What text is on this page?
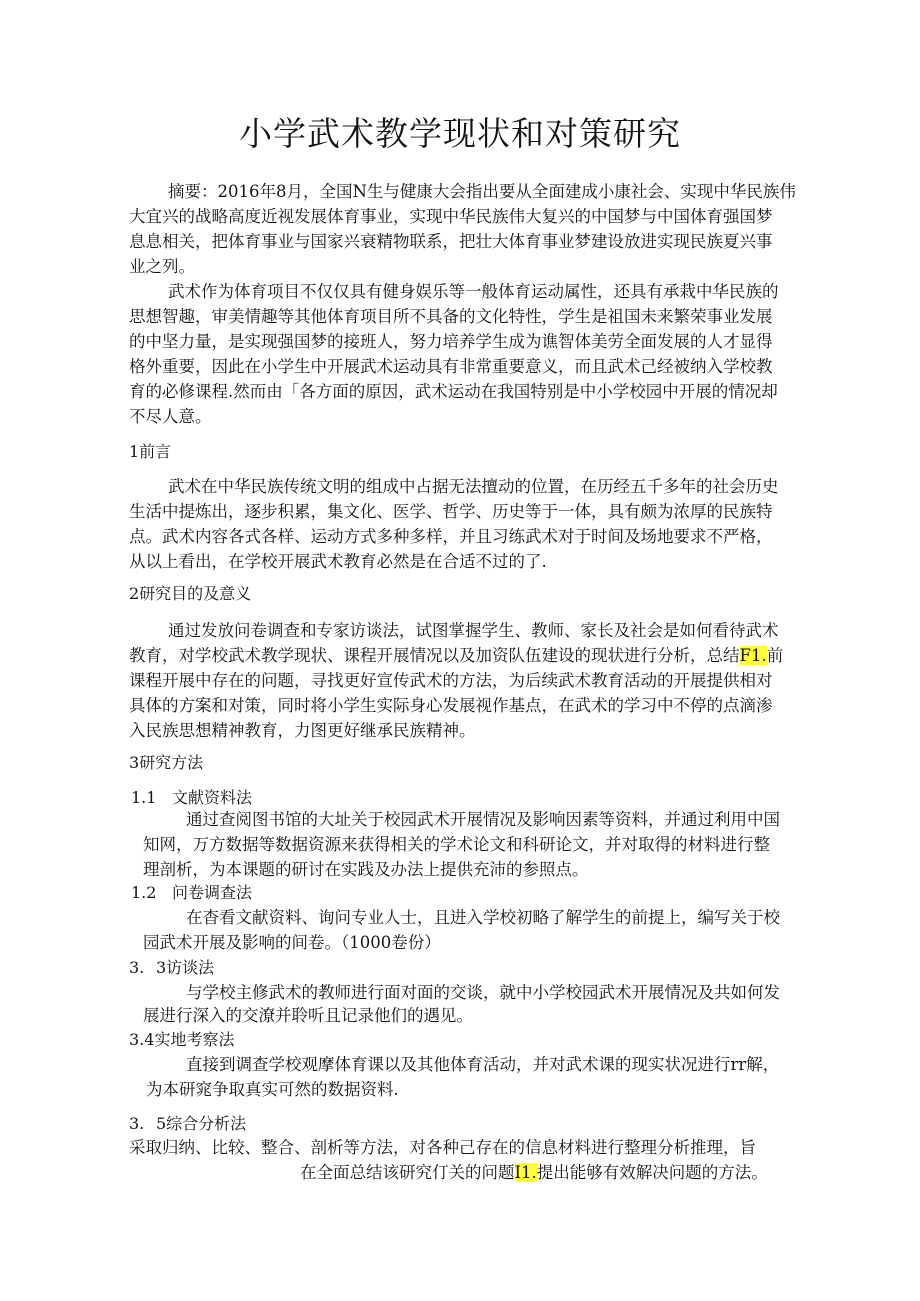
小学武术教学现状和对策研究

摘要：2016年8月，全国N生与健康大会指出要从全面建成小康社会、实现中华民族伟

大宜兴的战略高度近视发展体育事业，实现中华民族伟大复兴的中国梦与中国体育强国梦

息息相关，把体育事业与国家兴衰精物联系，把壮大体育事业梦建设放进实现民族夏兴事

业之列。

武术作为体育项目不仅仅具有健身娱乐等一般体育运动属性，还具有承栽中华民族的

思想智趣，审美情趣等其他体育项目所不具备的文化特性，学生是祖国未来繁荣事业发展

的中坚力量，是实现强国梦的接班人，努力培养学生成为谯智体美劳全面发展的人才显得

格外重要，因此在小学生中开展武术运动具有非常重要意义，而且武术己经被纳入学校教

育的必修课程.然而由「各方面的原因，武术运动在我国特别是中小学校园中开展的情况却

不尽人意。

1前言

武术在中华民族传统文明的组成中占据无法擅动的位置，在历经五千多年的社会历史

生活中提炼出，逐步积累，集文化、医学、哲学、历史等于一体，具有颇为浓厚的民族特

点。武术内容各式各样、运动方式多种多样，并且习练武术对于时间及场地要求不严格，

从以上看出，在学校开展武术教育必然是在合适不过的了.

2研究目的及意义

通过发放问卷调查和专家访谈法，试图掌握学生、教师、家长及社会是如何看待武术

教育，对学校武术教学现状、课程开展情况以及加资队伍建设的现状进行分析，总结F1.前

课程开展中存在的问题，寻找更好宣传武术的方法，为后续武术教育活动的开展提供相对

具体的方案和对策，同时将小学生实际身心发展视作基点，在武术的学习中不停的点滴渗

入民族思想精神教育，力图更好继承民族精神。

3研究方法

1.1 文献资料法

通过查阅图书馆的大址关于校园武术开展情况及影响因素等资料，并通过利用中国

知网，万方数据等数据资源来获得相关的学术论文和科研论文，并对取得的材料进行整

理剖析，为本课题的研讨在实践及办法上提供充沛的参照点。

1.2 问卷调查法

在杳看文献资料、询问专业人士，且进入学校初略了解学生的前提上，编写关于校

园武术开展及影响的间卷。（1000卷份）

3. 3访谈法

与学校主修武术的教师进行面对面的交谈，就中小学校园武术开展情况及共如何发

展进行深入的交潦并聆听且记录他们的遇见。

3.4实地考察法

直接到调查学校观摩体育课以及其他体育活动，并对武术课的现实状况进行rr解，

为本研窕争取真实可然的数据资料.

3. 5综合分析法

采取归纳、比较、整合、剖析等方法，对各种己存在的信息材料进行整理分析推理，旨

在全面总结该研究仃关的问题I1.提出能够有效解决问题的方法。
